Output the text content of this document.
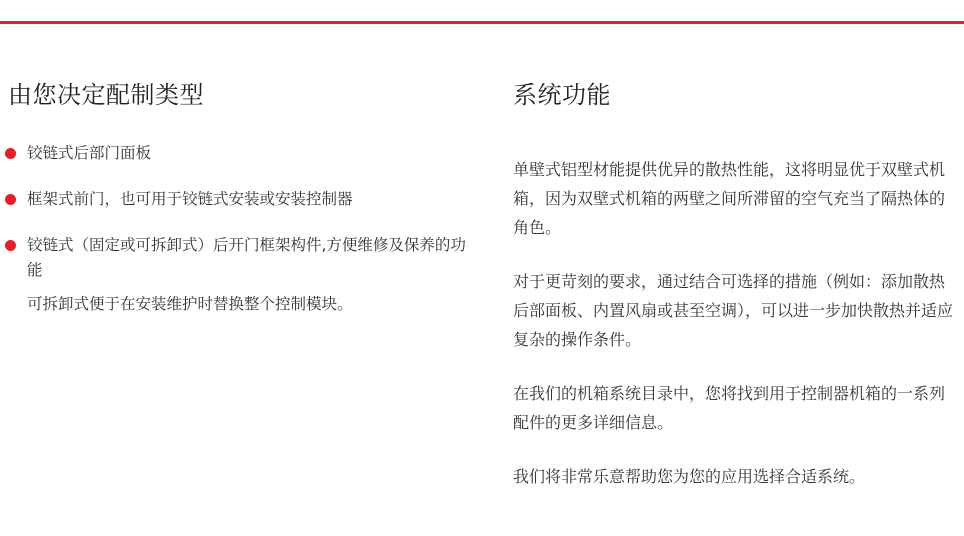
由您决定配制类型
铰链式后部门面板
框架式前门，也可用于铰链式安装或安装控制器
铰链式（固定或可拆卸式）后开门框架构件,方便维修及保养的功能
可拆卸式便于在安装维护时替换整个控制模块。
系统功能

单壁式铝型材能提供优异的散热性能，这将明显优于双壁式机箱，因为双壁式机箱的两壁之间所滞留的空气充当了隔热体的角色。

对于更苛刻的要求，通过结合可选择的措施（例如：添加散热后部面板、内置风扇或甚至空调），可以进一步加快散热并适应复杂的操作条件。

在我们的机箱系统目录中，您将找到用于控制器机箱的一系列配件的更多详细信息。

我们将非常乐意帮助您为您的应用选择合适系统。
